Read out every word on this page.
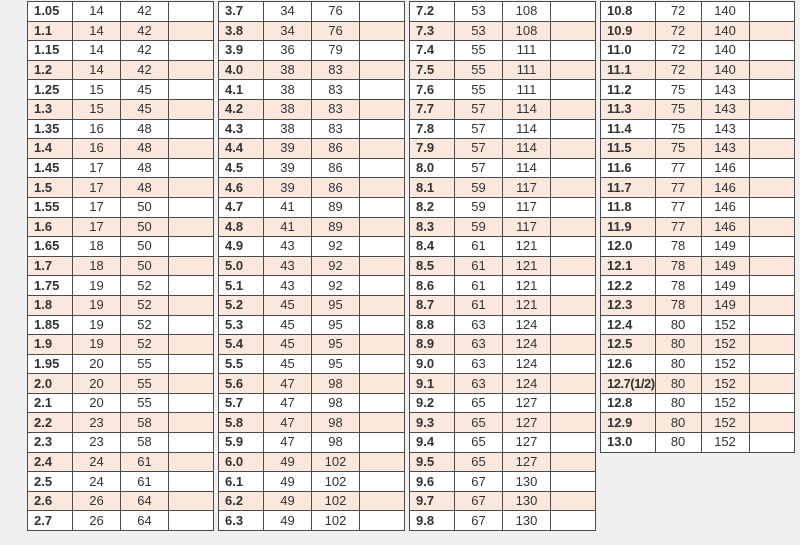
1.05	14	42	
1.1	14	42	
1.15	14	42	
1.2	14	42	
1.25	15	45	
1.3	15	45	
1.35	16	48	
1.4	16	48	
1.45	17	48	
1.5	17	48	
1.55	17	50	
1.6	17	50	
1.65	18	50	
1.7	18	50	
1.75	19	52	
1.8	19	52	
1.85	19	52	
1.9	19	52	
1.95	20	55	
2.0	20	55	
2.1	20	55	
2.2	23	58	
2.3	23	58	
2.4	24	61	
2.5	24	61	
2.6	26	64	
2.7	26	64	
3.7	34	76	
3.8	34	76	
3.9	36	79	
4.0	38	83	
4.1	38	83	
4.2	38	83	
4.3	38	83	
4.4	39	86	
4.5	39	86	
4.6	39	86	
4.7	41	89	
4.8	41	89	
4.9	43	92	
5.0	43	92	
5.1	43	92	
5.2	45	95	
5.3	45	95	
5.4	45	95	
5.5	45	95	
5.6	47	98	
5.7	47	98	
5.8	47	98	
5.9	47	98	
6.0	49	102	
6.1	49	102	
6.2	49	102	
6.3	49	102	
7.2	53	108	
7.3	53	108	
7.4	55	111	
7.5	55	111	
7.6	55	111	
7.7	57	114	
7.8	57	114	
7.9	57	114	
8.0	57	114	
8.1	59	117	
8.2	59	117	
8.3	59	117	
8.4	61	121	
8.5	61	121	
8.6	61	121	
8.7	61	121	
8.8	63	124	
8.9	63	124	
9.0	63	124	
9.1	63	124	
9.2	65	127	
9.3	65	127	
9.4	65	127	
9.5	65	127	
9.6	67	130	
9.7	67	130	
9.8	67	130	
10.8	72	140	
10.9	72	140	
11.0	72	140	
11.1	72	140	
11.2	75	143	
11.3	75	143	
11.4	75	143	
11.5	75	143	
11.6	77	146	
11.7	77	146	
11.8	77	146	
11.9	77	146	
12.0	78	149	
12.1	78	149	
12.2	78	149	
12.3	78	149	
12.4	80	152	
12.5	80	152	
12.6	80	152	
12.7(1/2)	80	152	
12.8	80	152	
12.9	80	152	
13.0	80	152	
